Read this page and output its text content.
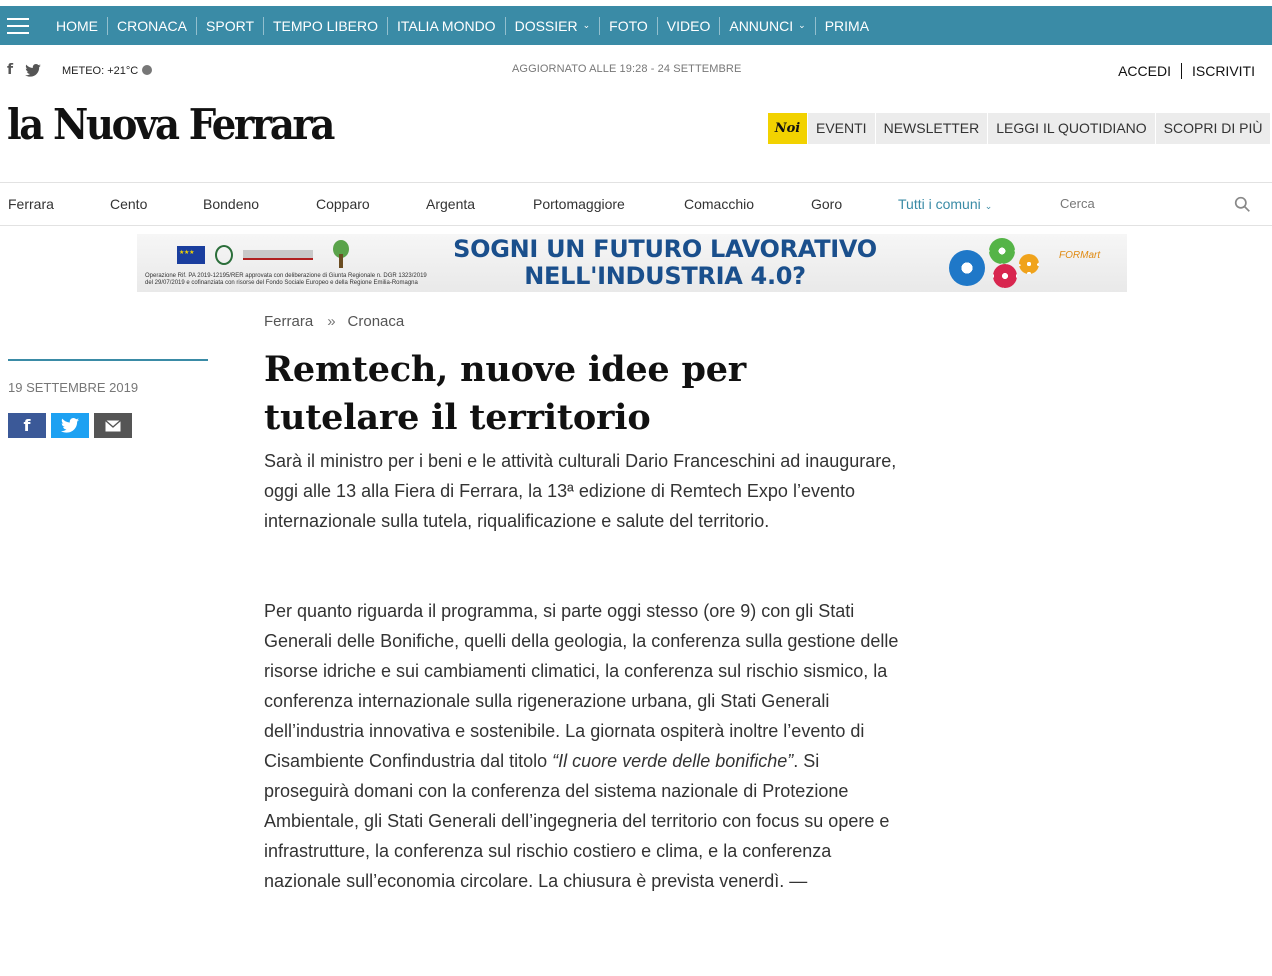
HOME CRONACA SPORT TEMPO LIBERO ITALIA MONDO DOSSIER ⌄ FOTO VIDEO ANNUNCI ⌄ PRIMA
f	METEO: +21°C	AGGIORNATO ALLE 19:28 - 24 SETTEMBRE	ACCEDI ISCRIVITI
la Nuova Ferrara	Noi	EVENTI	NEWSLETTER	LEGGI IL QUOTIDIANO	SCOPRI DI PIÙ
Ferrara	Cento	Bondeno	Copparo	Argenta	Portomaggiore	Comacchio	Goro	Tutti i comuni ⌄	Cerca
★ ★ ★
Operazione Rif. PA 2019-12195/RER approvata con deliberazione di Giunta Regionale n. DGR 1323/2019 del 29/07/2019 e cofinanziata con risorse del Fondo Sociale Europeo e della Regione Emilia-Romagna
SOGNI UN FUTURO LAVORATIVO
NELL'INDUSTRIA 4.0?
FORMart
Ferrara » Cronaca
19 SETTEMBRE 2019
f
Remtech, nuove idee per tutelare il territorio

Sarà il ministro per i beni e le attività culturali Dario Franceschini ad inaugurare, oggi alle 13 alla Fiera di Ferrara, la 13ª edizione di Remtech Expo l’evento internazionale sulla tutela, riqualificazione e salute del territorio.

Per quanto riguarda il programma, si parte oggi stesso (ore 9) con gli Stati Generali delle Bonifiche, quelli della geologia, la conferenza sulla gestione delle risorse idriche e sui cambiamenti climatici, la conferenza sul rischio sismico, la conferenza internazionale sulla rigenerazione urbana, gli Stati Generali dell’industria innovativa e sostenibile. La giornata ospiterà inoltre l’evento di Cisambiente Confindustria dal titolo “Il cuore verde delle bonifiche”. Si proseguirà domani con la conferenza del sistema nazionale di Protezione Ambientale, gli Stati Generali dell’ingegneria del territorio con focus su opere e infrastrutture, la conferenza sul rischio costiero e clima, e la conferenza nazionale sull’economia circolare. La chiusura è prevista venerdì. —
